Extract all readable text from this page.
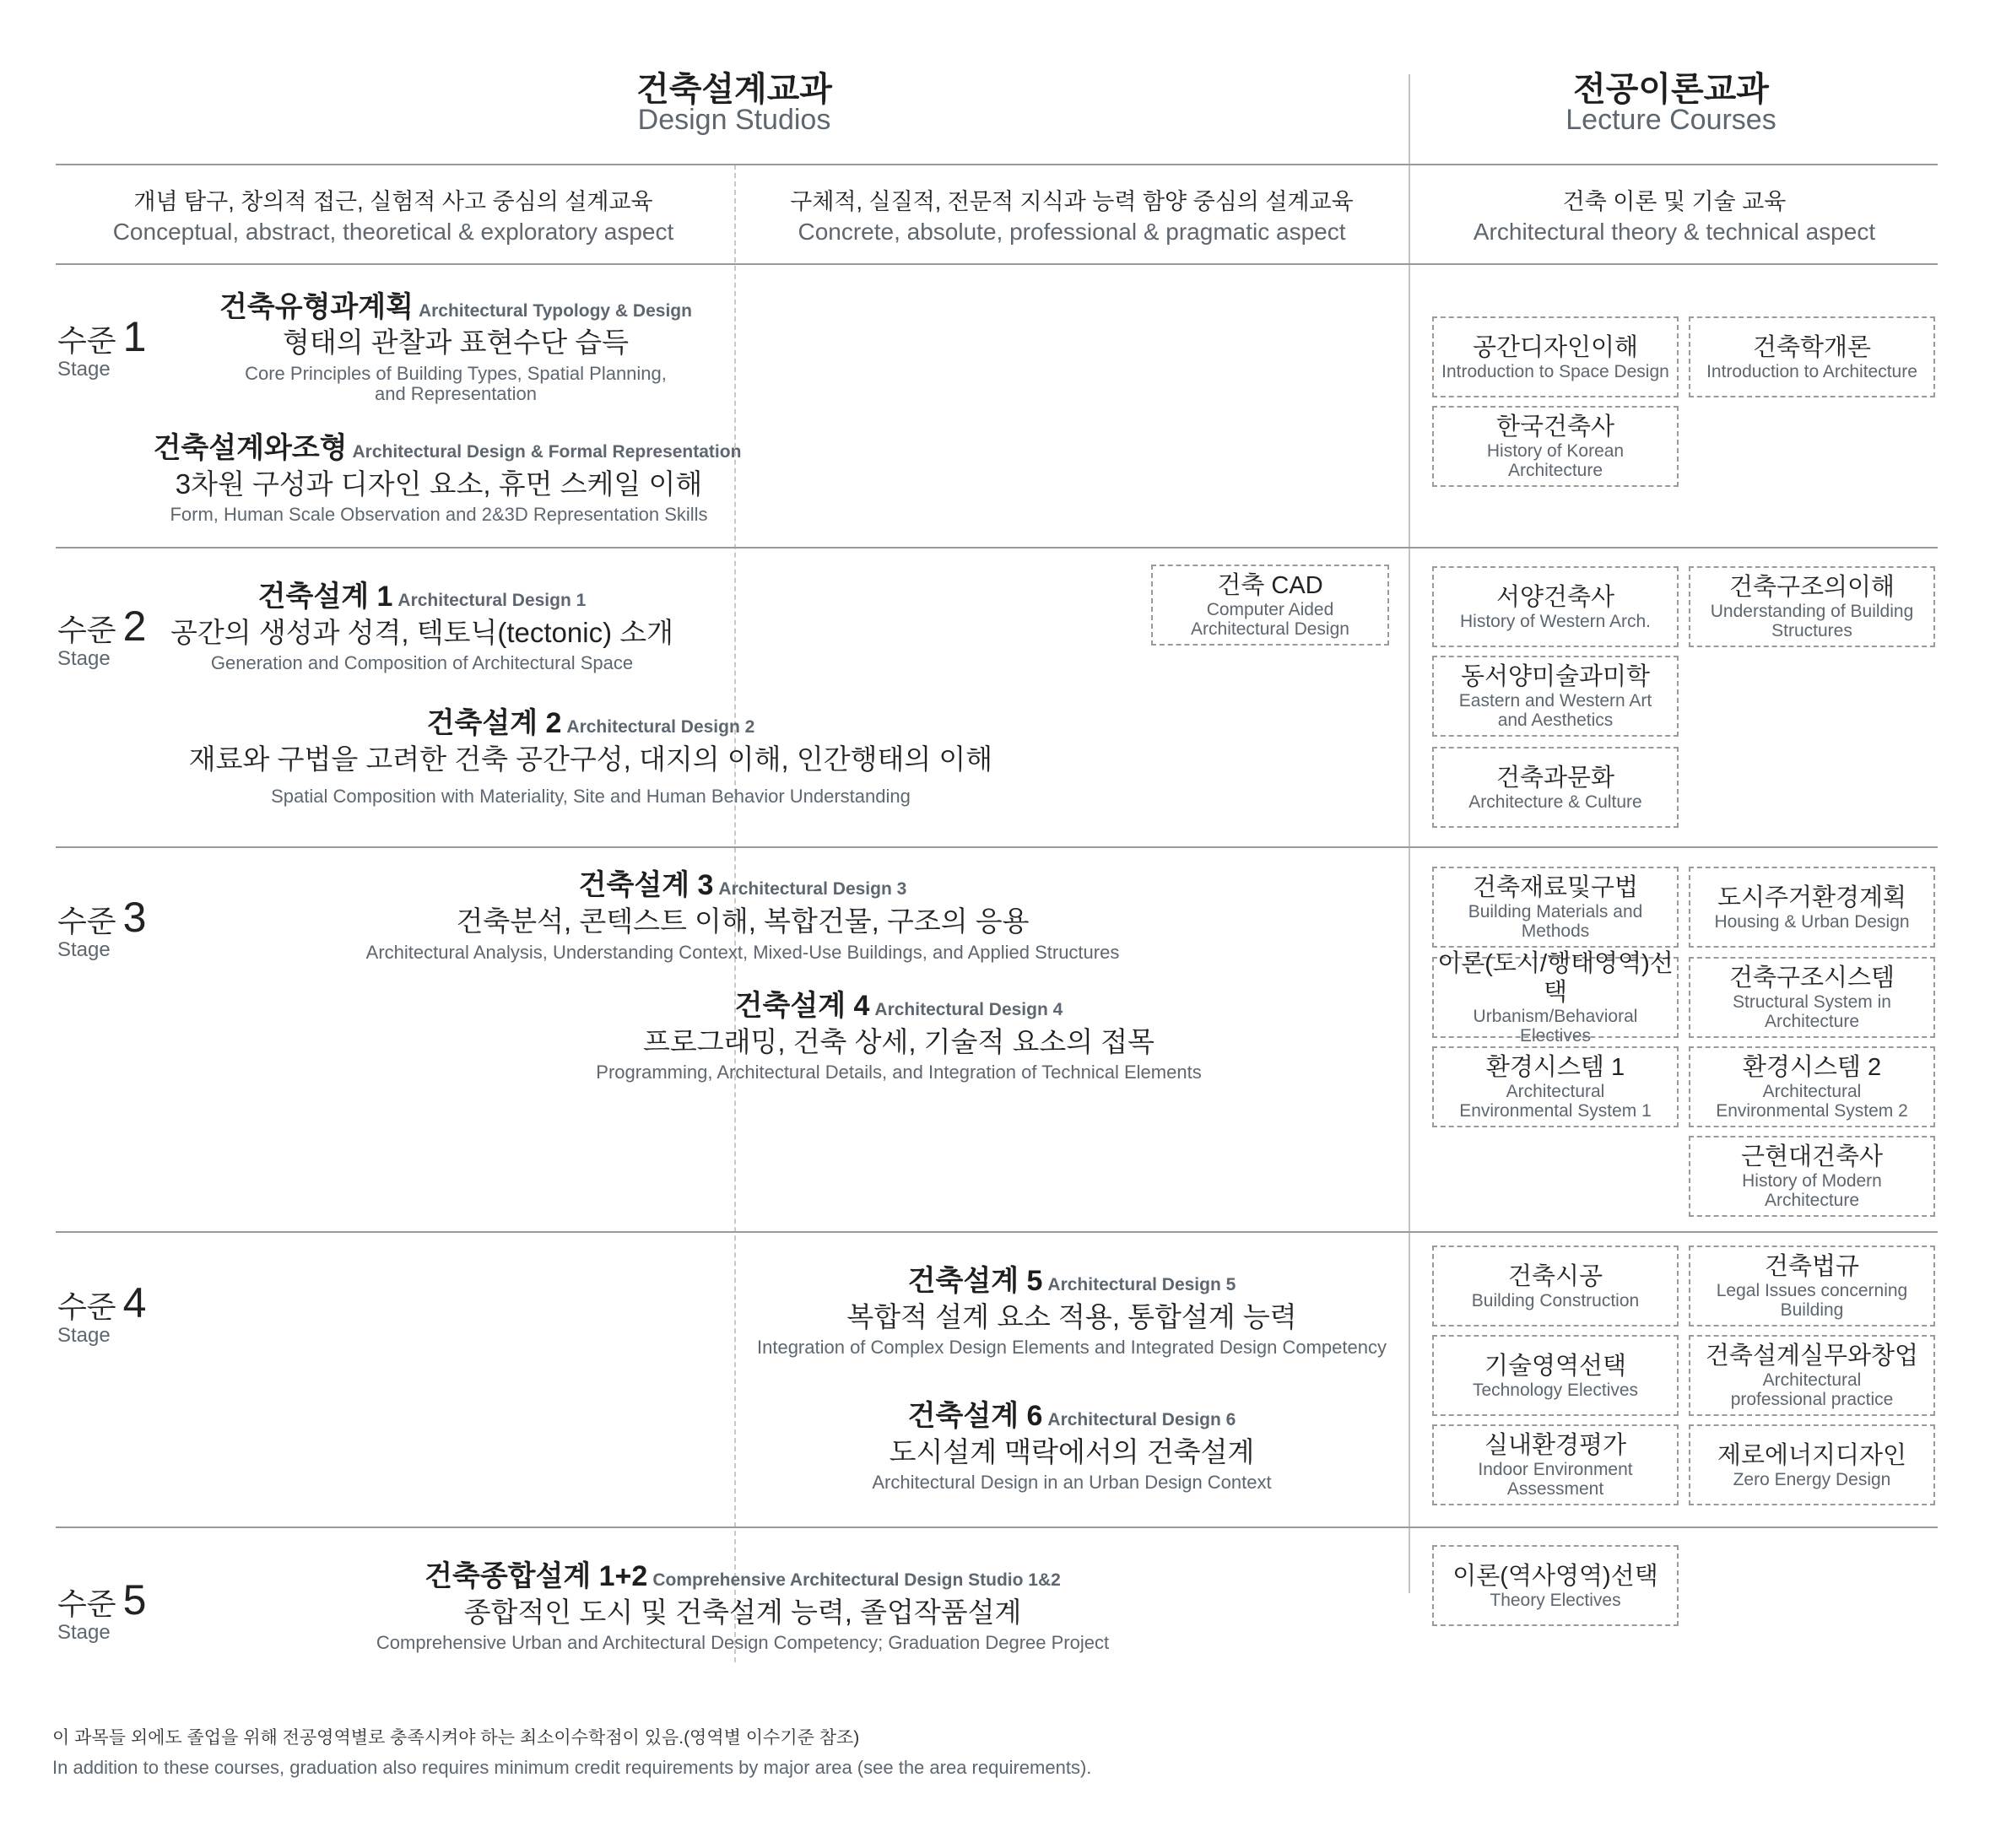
건축설계교과
Design Studios
전공이론교과
Lecture Courses
개념 탐구, 창의적 접근, 실험적 사고 중심의 설계교육
Conceptual, abstract, theoretical & exploratory aspect
구체적, 실질적, 전문적 지식과 능력 함양 중심의 설계교육
Concrete, absolute, professional & pragmatic aspect
건축 이론 및 기술 교육
Architectural theory & technical aspect
수준 1
Stage
수준 2
Stage
수준 3
Stage
수준 4
Stage
수준 5
Stage
건축유형과계획 Architectural Typology & Design
형태의 관찰과 표현수단 습득
Core Principles of Building Types, Spatial Planning,
and Representation
건축설계와조형 Architectural Design & Formal Representation
3차원 구성과 디자인 요소, 휴먼 스케일 이해
Form, Human Scale Observation and 2&3D Representation Skills
건축설계 1 Architectural Design 1
공간의 생성과 성격, 텍토닉(tectonic) 소개
Generation and Composition of Architectural Space
건축설계 2 Architectural Design 2
재료와 구법을 고려한 건축 공간구성, 대지의 이해, 인간행태의 이해
Spatial Composition with Materiality, Site and Human Behavior Understanding
건축 CAD
Computer Aided
Architectural Design
건축설계 3 Architectural Design 3
건축분석, 콘텍스트 이해, 복합건물, 구조의 응용
Architectural Analysis, Understanding Context, Mixed-Use Buildings, and Applied Structures
건축설계 4 Architectural Design 4
프로그래밍, 건축 상세, 기술적 요소의 접목
Programming, Architectural Details, and Integration of Technical Elements
건축설계 5 Architectural Design 5
복합적 설계 요소 적용, 통합설계 능력
Integration of Complex Design Elements and Integrated Design Competency
건축설계 6 Architectural Design 6
도시설계 맥락에서의 건축설계
Architectural Design in an Urban Design Context
건축종합설계 1+2 Comprehensive Architectural Design Studio 1&2
종합적인 도시 및 건축설계 능력, 졸업작품설계
Comprehensive Urban and Architectural Design Competency; Graduation Degree Project
공간디자인이해
Introduction to Space Design
건축학개론
Introduction to Architecture
한국건축사
History of Korean
Architecture
서양건축사
History of Western Arch.
건축구조의이해
Understanding of Building
Structures
동서양미술과미학
Eastern and Western Art
and Aesthetics
건축과문화
Architecture & Culture
건축재료및구법
Building Materials and
Methods
도시주거환경계획
Housing & Urban Design
이론(도시/행태영역)선택
Urbanism/Behavioral
Electives
건축구조시스템
Structural System in
Architecture
환경시스템 1
Architectural
Environmental System 1
환경시스템 2
Architectural
Environmental System 2
근현대건축사
History of Modern
Architecture
건축시공
Building Construction
건축법규
Legal Issues concerning
Building
기술영역선택
Technology Electives
건축설계실무와창업
Architectural
professional practice
실내환경평가
Indoor Environment
Assessment
제로에너지디자인
Zero Energy Design
이론(역사영역)선택
Theory Electives
이 과목들 외에도 졸업을 위해 전공영역별로 충족시켜야 하는 최소이수학점이 있음.(영역별 이수기준 참조)
In addition to these courses, graduation also requires minimum credit requirements by major area (see the area requirements).
